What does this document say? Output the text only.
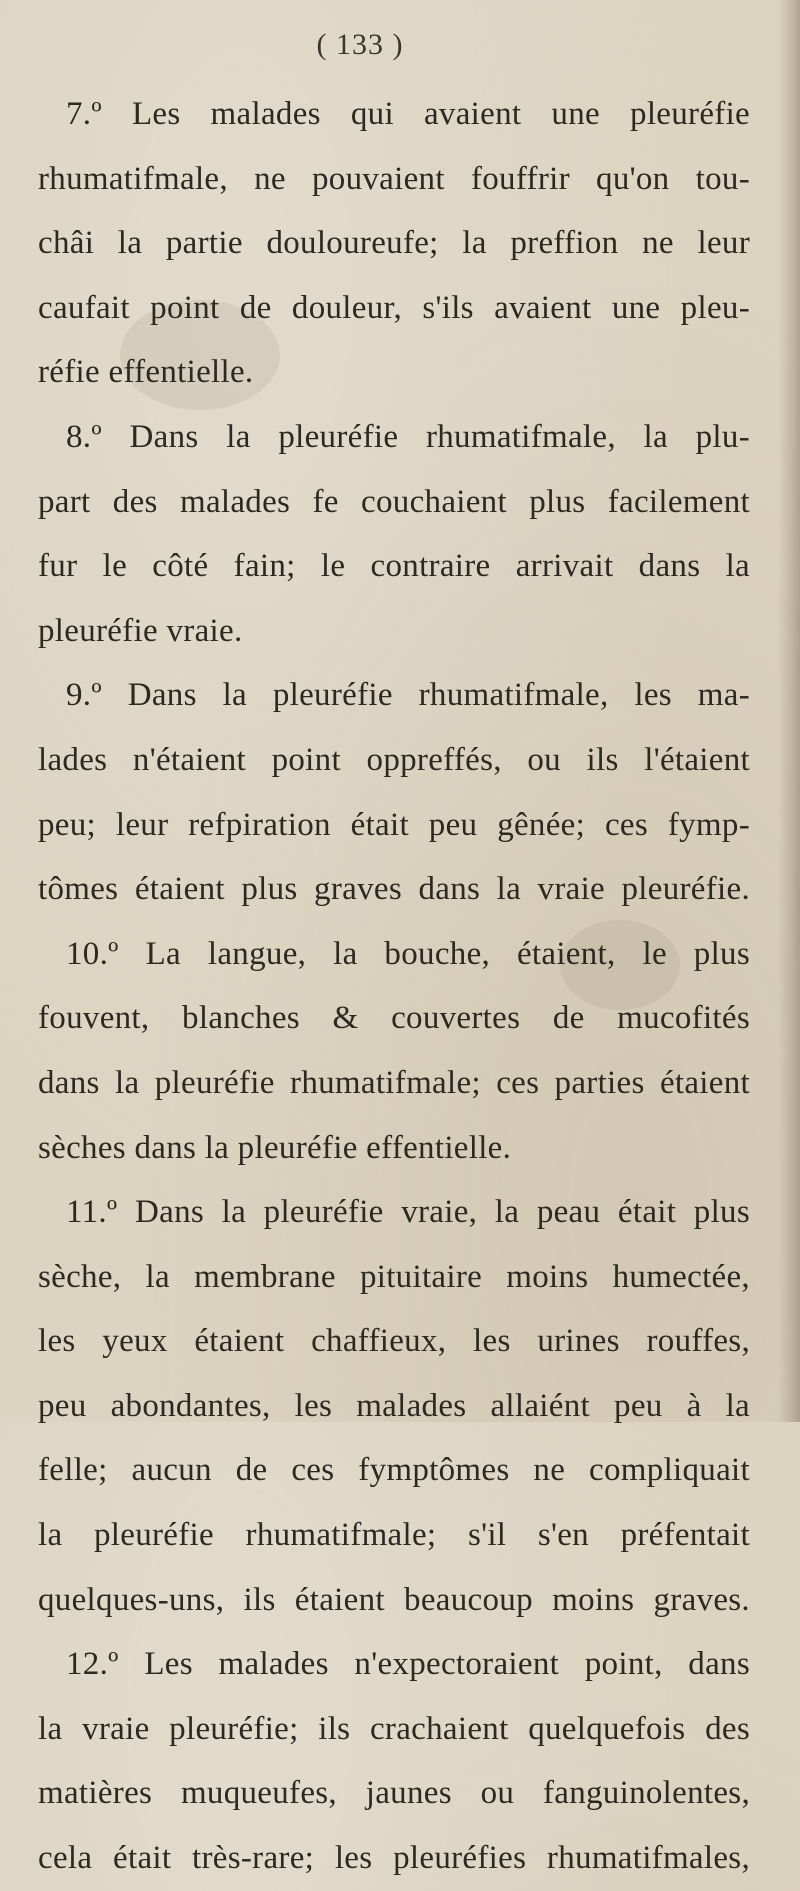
( 133 )
7.º Les malades qui avaient une pleuréfie
rhumatifmale, ne pouvaient fouffrir qu'on tou-
châi la partie douloureufe; la preffion ne leur
caufait point de douleur, s'ils avaient une pleu-
réfie effentielle.
8.º Dans la pleuréfie rhumatifmale, la plu-
part des malades fe couchaient plus facilement
fur le côté fain; le contraire arrivait dans la
pleuréfie vraie.
9.º Dans la pleuréfie rhumatifmale, les ma-
lades n'étaient point oppreffés, ou ils l'étaient
peu; leur refpiration était peu gênée; ces fymp-
tômes étaient plus graves dans la vraie pleuréfie.
10.º La langue, la bouche, étaient, le plus
fouvent, blanches & couvertes de mucofités
dans la pleuréfie rhumatifmale; ces parties étaient
sèches dans la pleuréfie effentielle.
11.º Dans la pleuréfie vraie, la peau était plus
sèche, la membrane pituitaire moins humectée,
les yeux étaient chaffieux, les urines rouffes,
peu abondantes, les malades allaiént peu à la
felle; aucun de ces fymptômes ne compliquait
la pleuréfie rhumatifmale; s'il s'en préfentait
quelques-uns, ils étaient beaucoup moins graves.
12.º Les malades n'expectoraient point, dans
la vraie pleuréfie; ils crachaient quelquefois des
matières muqueufes, jaunes ou fanguinolentes,
cela était très-rare; les pleuréfies rhumatifmales,
